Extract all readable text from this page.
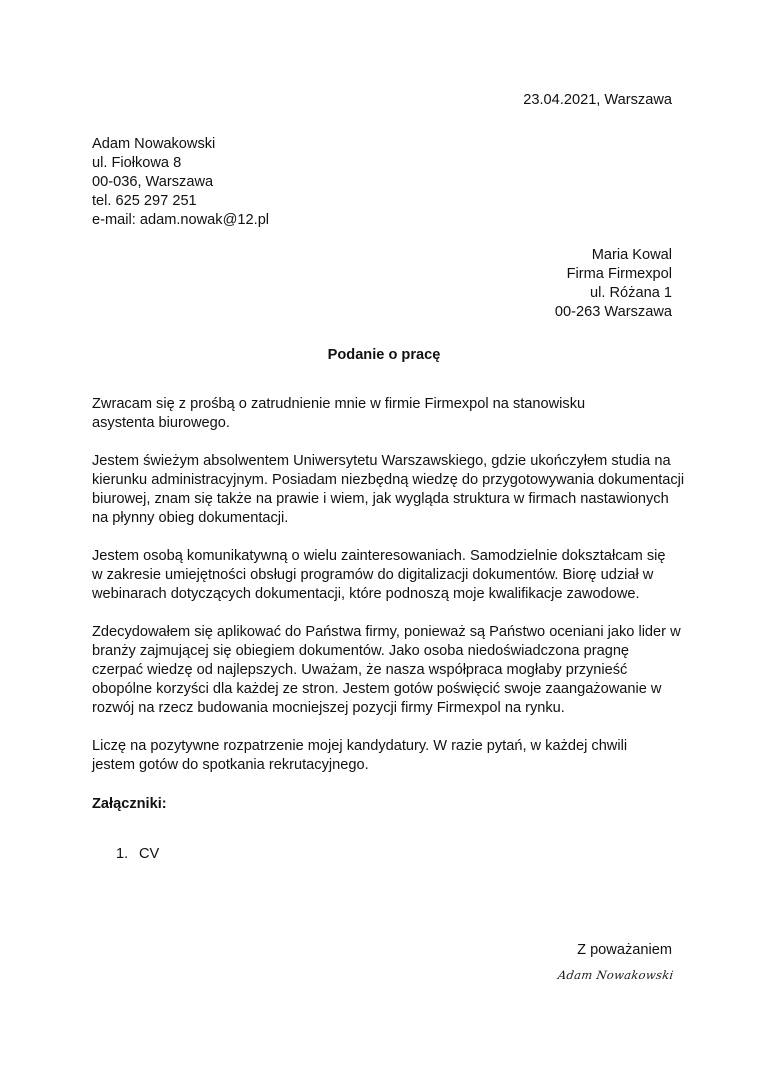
23.04.2021, Warszawa
Adam Nowakowski
ul. Fiołkowa 8
00-036, Warszawa
tel. 625 297 251
e-mail: adam.nowak@12.pl
Maria Kowal
Firma Firmexpol
ul. Różana 1
00-263 Warszawa
Podanie o pracę

Zwracam się z prośbą o zatrudnienie mnie w firmie Firmexpol na stanowisku
asystenta biurowego.

Jestem świeżym absolwentem Uniwersytetu Warszawskiego, gdzie ukończyłem studia na
kierunku administracyjnym. Posiadam niezbędną wiedzę do przygotowywania dokumentacji
biurowej, znam się także na prawie i wiem, jak wygląda struktura w firmach nastawionych
na płynny obieg dokumentacji.

Jestem osobą komunikatywną o wielu zainteresowaniach. Samodzielnie dokształcam się
w zakresie umiejętności obsługi programów do digitalizacji dokumentów. Biorę udział w
webinarach dotyczących dokumentacji, które podnoszą moje kwalifikacje zawodowe.

Zdecydowałem się aplikować do Państwa firmy, ponieważ są Państwo oceniani jako lider w
branży zajmującej się obiegiem dokumentów. Jako osoba niedoświadczona pragnę
czerpać wiedzę od najlepszych. Uważam, że nasza współpraca mogłaby przynieść
obopólne korzyści dla każdej ze stron. Jestem gotów poświęcić swoje zaangażowanie w
rozwój na rzecz budowania mocniejszej pozycji firmy Firmexpol na rynku.

Liczę na pozytywne rozpatrzenie mojej kandydatury. W razie pytań, w każdej chwili
jestem gotów do spotkania rekrutacyjnego.

Załączniki:
1. CV
Z poważaniem
Adam Nowakowski
